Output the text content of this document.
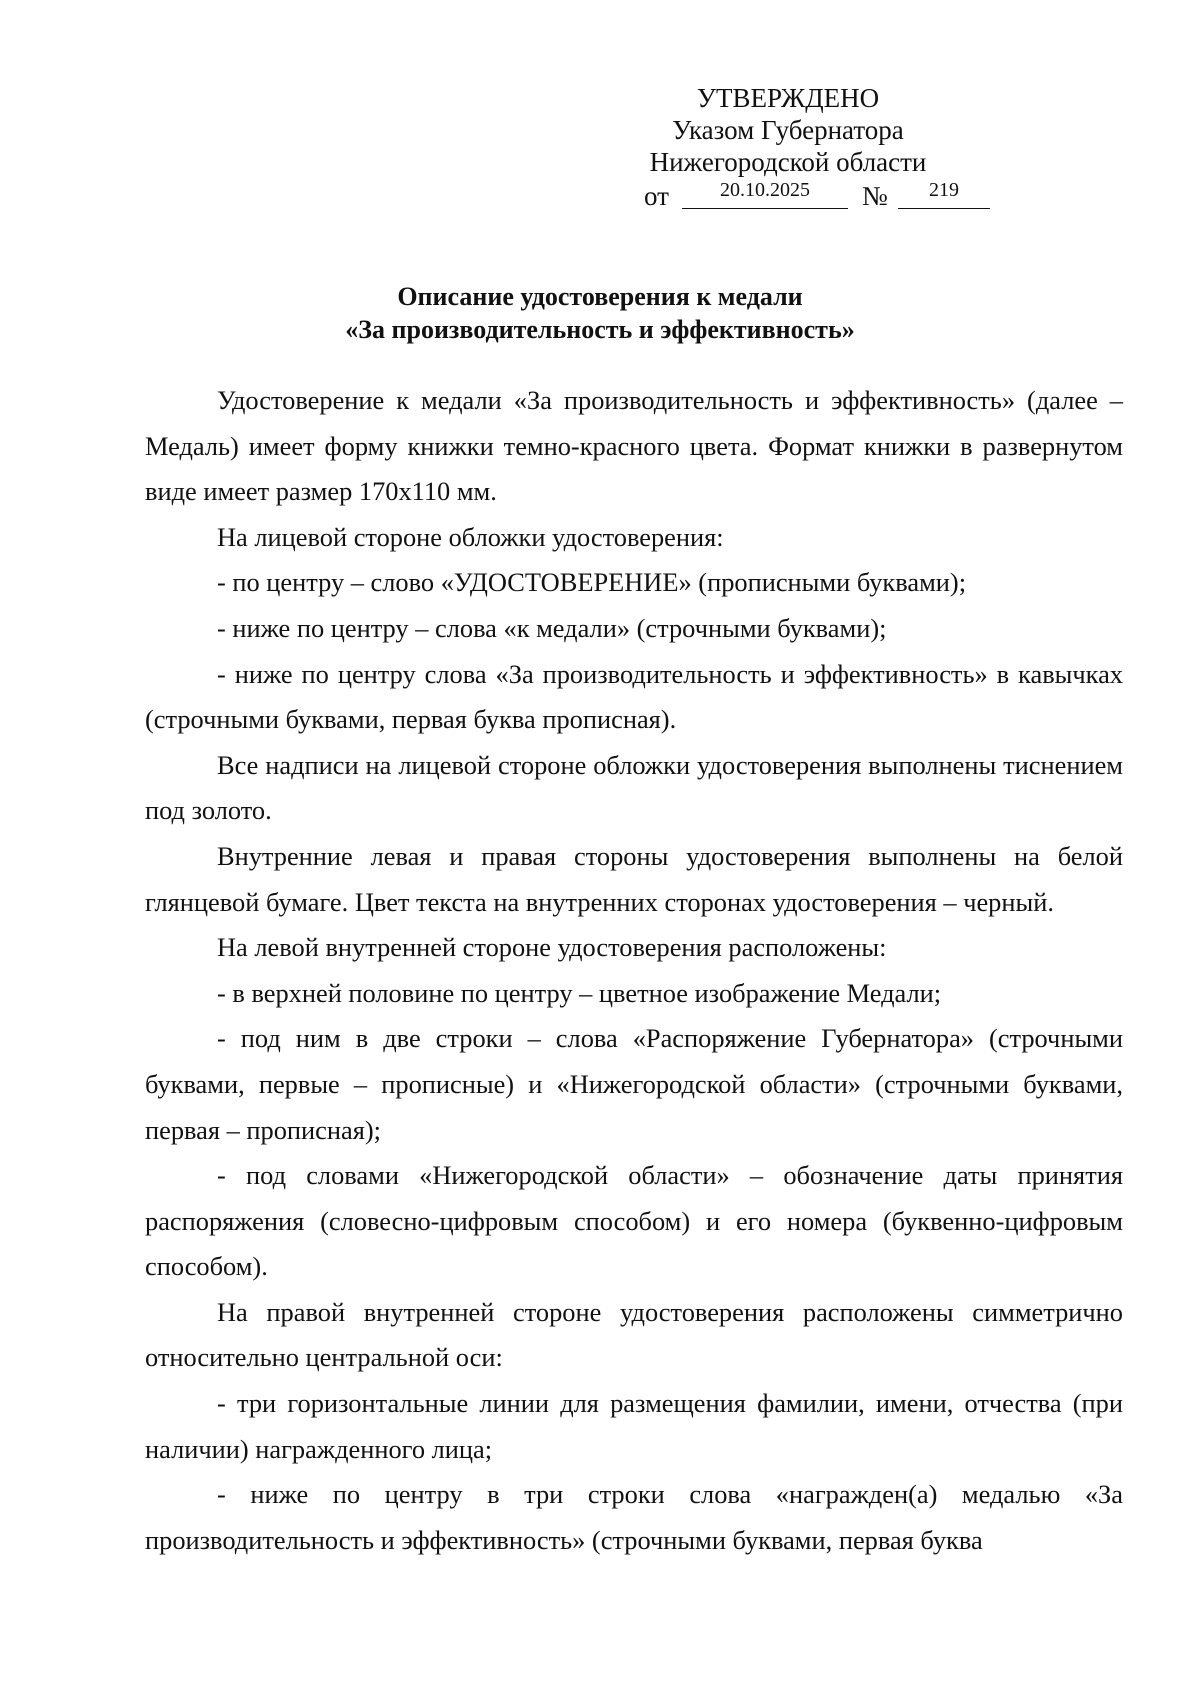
УТВЕРЖДЕНО
Указом Губернатора
Нижегородской области
от	20.10.2025	№	219
Описание удостоверения к медали
«За производительность и эффективность»

Удостоверение к медали «За производительность и эффективность» (далее – Медаль) имеет форму книжки темно-красного цвета. Формат книжки в развернутом виде имеет размер 170х110 мм.

На лицевой стороне обложки удостоверения:

- по центру – слово «УДОСТОВЕРЕНИЕ» (прописными буквами);

- ниже по центру – слова «к медали» (строчными буквами);

- ниже по центру слова «За производительность и эффективность» в кавычках (строчными буквами, первая буква прописная).

Все надписи на лицевой стороне обложки удостоверения выполнены тиснением под золото.

Внутренние левая и правая стороны удостоверения выполнены на белой глянцевой бумаге. Цвет текста на внутренних сторонах удостоверения – черный.

На левой внутренней стороне удостоверения расположены:

- в верхней половине по центру – цветное изображение Медали;

- под ним в две строки – слова «Распоряжение Губернатора» (строчными буквами, первые – прописные) и «Нижегородской области» (строчными буквами, первая – прописная);

- под словами «Нижегородской области» – обозначение даты принятия распоряжения (словесно-цифровым способом) и его номера (буквенно-цифровым способом).

На правой внутренней стороне удостоверения расположены симметрично относительно центральной оси:

- три горизонтальные линии для размещения фамилии, имени, отчества (при наличии) награжденного лица;

- ниже по центру в три строки слова «награжден(а) медалью «За производительность и эффективность» (строчными буквами, первая буква
